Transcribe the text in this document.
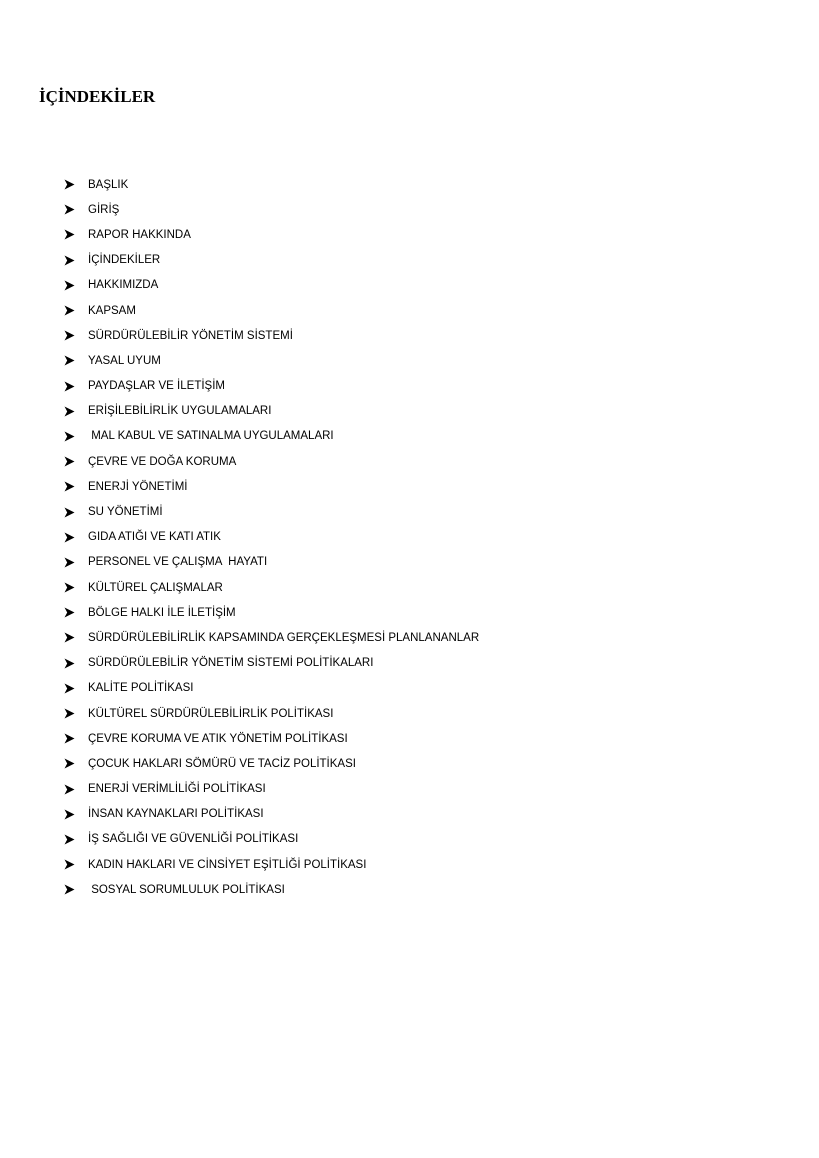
İÇİNDEKİLER
BAŞLIK
GİRİŞ
RAPOR HAKKINDA
İÇİNDEKİLER
HAKKIMIZDA
KAPSAM
SÜRDÜRÜLEBİLİR YÖNETİM SİSTEMİ
YASAL UYUM
PAYDAŞLAR VE İLETİŞİM
ERİŞİLEBİLİRLİK UYGULAMALARI
MAL KABUL VE SATINALMA UYGULAMALARI
ÇEVRE VE DOĞA KORUMA
ENERJİ YÖNETİMİ
SU YÖNETİMİ
GIDA ATIĞI VE KATI ATIK
PERSONEL VE ÇALIŞMA  HAYATI
KÜLTÜREL ÇALIŞMALAR
BÖLGE HALKI İLE İLETİŞİM
SÜRDÜRÜLEBİLİRLİK KAPSAMINDA GERÇEKLEŞMESİ PLANLANANLAR
SÜRDÜRÜLEBİLİR YÖNETİM SİSTEMİ POLİTİKALARI
KALİTE POLİTİKASI
KÜLTÜREL SÜRDÜRÜLEBİLİRLİK POLİTİKASI
ÇEVRE KORUMA VE ATIK YÖNETİM POLİTİKASI
ÇOCUK HAKLARI SÖMÜRÜ VE TACİZ POLİTİKASI
ENERJİ VERİMLİLİĞİ POLİTİKASI
İNSAN KAYNAKLARI POLİTİKASI
İŞ SAĞLIĞI VE GÜVENLİĞİ POLİTİKASI
KADIN HAKLARI VE CİNSİYET EŞİTLİĞİ POLİTİKASI
SOSYAL SORUMLULUK POLİTİKASI
